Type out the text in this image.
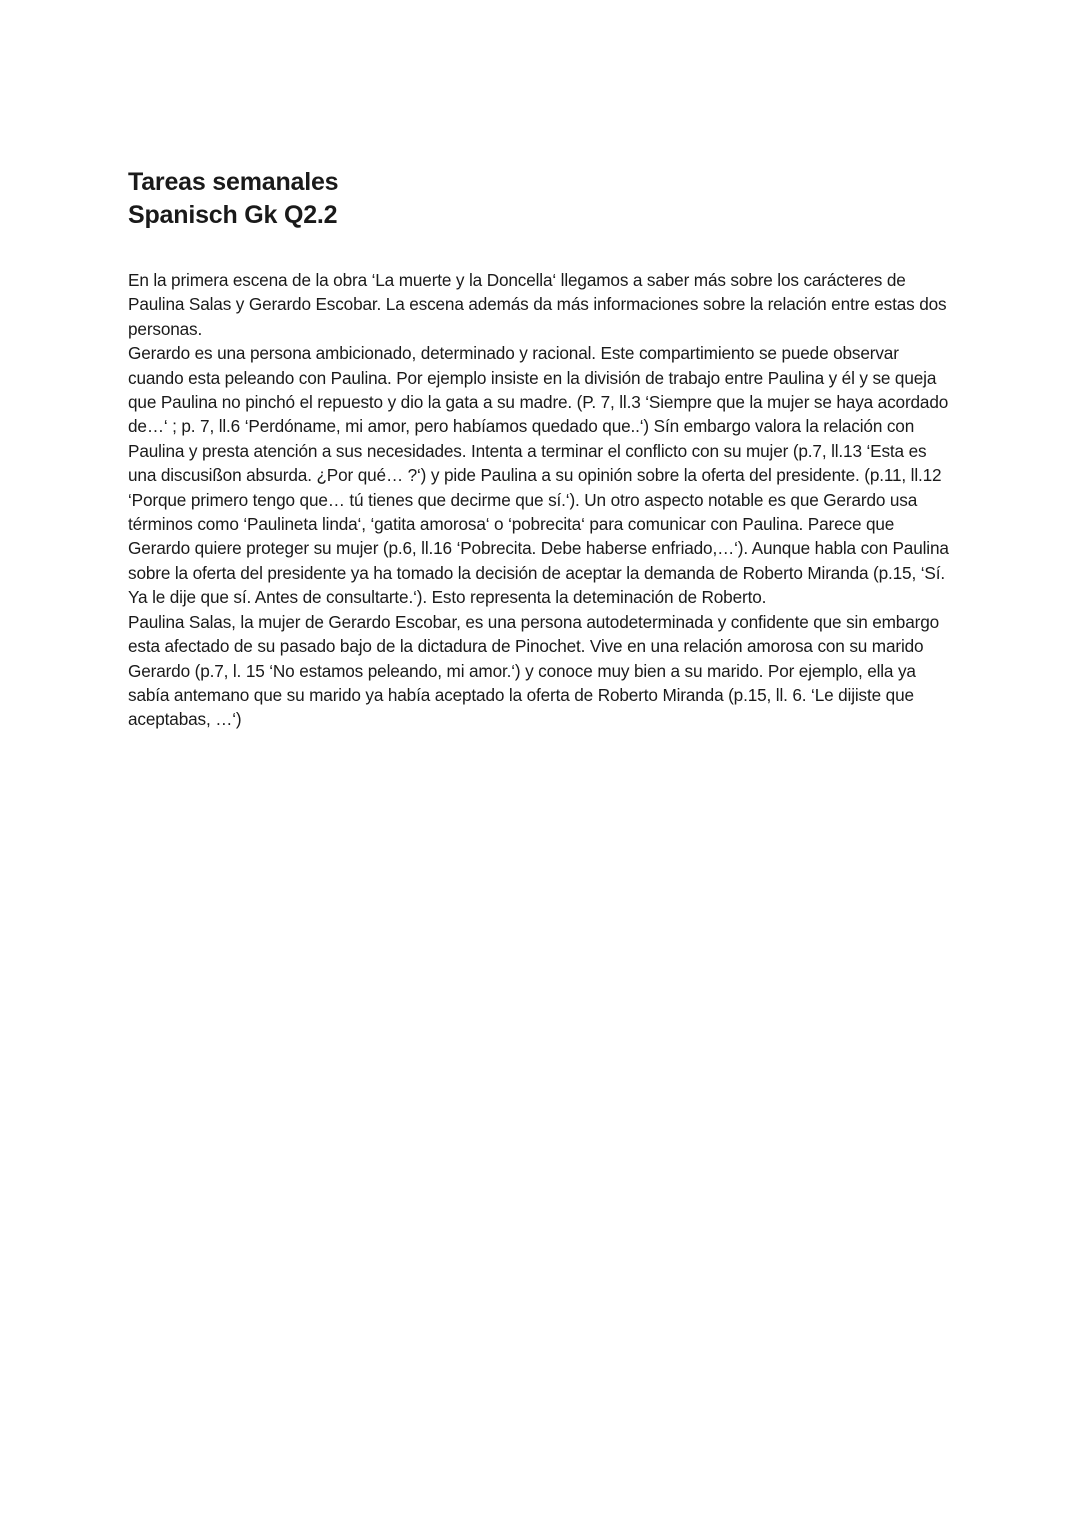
Tareas semanales
Spanisch Gk Q2.2

En la primera escena de la obra ‘La muerte y la Doncella‘ llegamos a saber más sobre los carácteres de Paulina Salas y Gerardo Escobar. La escena además da más informaciones sobre la relación entre estas dos personas.

Gerardo es una persona ambicionado, determinado y racional. Este compartimiento se puede observar cuando esta peleando con Paulina. Por ejemplo insiste en la división de trabajo entre Paulina y él y se queja que Paulina no pinchó el repuesto y dio la gata a su madre. (P. 7, ll.3 ‘Siempre que la mujer se haya acordado de…‘ ; p. 7, ll.6 ‘Perdóname, mi amor, pero habíamos quedado que..‘) Sín embargo valora la relación con Paulina y presta atención a sus necesidades. Intenta a terminar el conflicto con su mujer (p.7, ll.13 ‘Esta es una discusißon absurda. ¿Por qué… ?‘) y pide Paulina a su opinión sobre la oferta del presidente. (p.11, ll.12 ‘Porque primero tengo que… tú tienes que decirme que sí.‘). Un otro aspecto notable es que Gerardo usa términos como ‘Paulineta linda‘, ‘gatita amorosa‘ o ‘pobrecita‘ para comunicar con Paulina. Parece que Gerardo quiere proteger su mujer (p.6, ll.16 ‘Pobrecita. Debe haberse enfriado,…‘). Aunque habla con Paulina sobre la oferta del presidente ya ha tomado la decisión de aceptar la demanda de Roberto Miranda (p.15, ‘Sí. Ya le dije que sí. Antes de consultarte.‘). Esto representa la deteminación de Roberto.

Paulina Salas, la mujer de Gerardo Escobar, es una persona autodeterminada y confidente que sin embargo esta afectado de su pasado bajo de la dictadura de Pinochet. Vive en una relación amorosa con su marido Gerardo (p.7, l. 15 ‘No estamos peleando, mi amor.‘) y conoce muy bien a su marido. Por ejemplo, ella ya sabía antemano que su marido ya había aceptado la oferta de Roberto Miranda (p.15, ll. 6. ‘Le dijiste que aceptabas, …‘)
